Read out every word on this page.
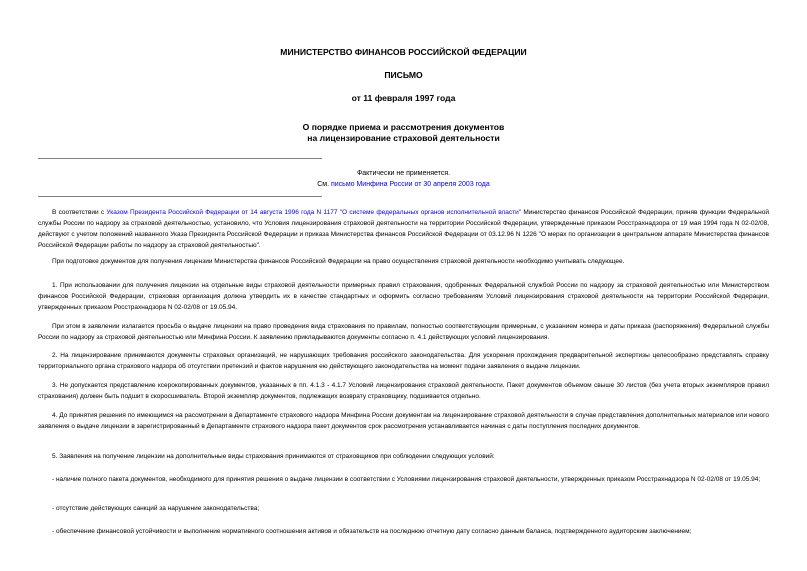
МИНИСТЕРСТВО ФИНАНСОВ РОССИЙСКОЙ ФЕДЕРАЦИИ
ПИСЬМО
от 11 февраля 1997 года
О порядке приема и рассмотрения документов
на лицензирование страховой деятельности
Фактически не применяется.
См. письмо Минфина России от 30 апреля 2003 года
В соответствии с Указом Президента Российской Федерации от 14 августа 1996 года N 1177 "О системе федеральных органов исполнительной власти" Министерство финансов Российской Федерации, приняв функции Федеральной службы России по надзору за страховой деятельностью, установило, что Условия лицензирования страховой деятельности на территории Российской Федерации, утвержденные приказом Росстрахнадзора от 19 мая 1994 года N 02-02/08, действуют с учетом положений названного Указа Президента Российской Федерации и приказа Министерства финансов Российской Федерации от 03.12.96 N 1226 "О мерах по организации в центральном аппарате Министерства финансов Российской Федерации работы по надзору за страховой деятельностью".
При подготовке документов для получения лицензии Министерства финансов Российской Федерации на право осуществления страховой деятельности необходимо учитывать следующее.
1. При использовании для получения лицензии на отдельные виды страховой деятельности примерных правил страхования, одобренных Федеральной службой России по надзору за страховой деятельностью или Министерством финансов Российской Федерации, страховая организация должна утвердить их в качестве стандартных и оформить согласно требованиям Условий лицензирования страховой деятельности на территории Российской Федерации, утвержденных приказом Росстрахнадзора N 02-02/08 от 19.05.94.
При этом в заявлении излагается просьба о выдаче лицензии на право проведения вида страхования по правилам, полностью соответствующим примерным, с указанием номера и даты приказа (распоряжения) Федеральной службы России по надзору за страховой деятельностью или Минфина России. К заявлению прикладываются документы согласно п. 4.1 действующих условий лицензирования.
2. На лицензирование принимаются документы страховых организаций, не нарушающих требования российского законодательства. Для ускорения прохождения предварительной экспертизы целесообразно представлять справку территориального органа страхового надзора об отсутствии претензий и фактов нарушения ею действующего законодательства на момент подачи заявления о выдаче лицензии.
3. Не допускается представление ксерокопированных документов, указанных в пп. 4.1.3 - 4.1.7 Условий лицензирования страховой деятельности. Пакет документов объемом свыше 30 листов (без учета вторых экземпляров правил страхования) должен быть подшит в скоросшиватель. Второй экземпляр документов, подлежащих возврату страховщику, подшивается отдельно.
4. До принятия решения по имеющимся на рассмотрении в Департаменте страхового надзора Минфина России документам на лицензирование страховой деятельности в случае представления дополнительных материалов или нового заявления о выдаче лицензии в зарегистрированный в Департаменте страхового надзора пакет документов срок рассмотрения устанавливается начиная с даты поступления последних документов.
5. Заявления на получение лицензии на дополнительные виды страхования принимаются от страховщиков при соблюдении следующих условий:
- наличие полного пакета документов, необходимого для принятия решения о выдаче лицензии в соответствии с Условиями лицензирования страховой деятельности, утвержденных приказом Росстрахнадзора N 02-02/08 от 19.05.94;
- отсутствие действующих санкций за нарушение законодательства;
- обеспечение финансовой устойчивости и выполнение нормативного соотношения активов и обязательств на последнюю отчетную дату согласно данным баланса, подтвержденного аудиторским заключением;
